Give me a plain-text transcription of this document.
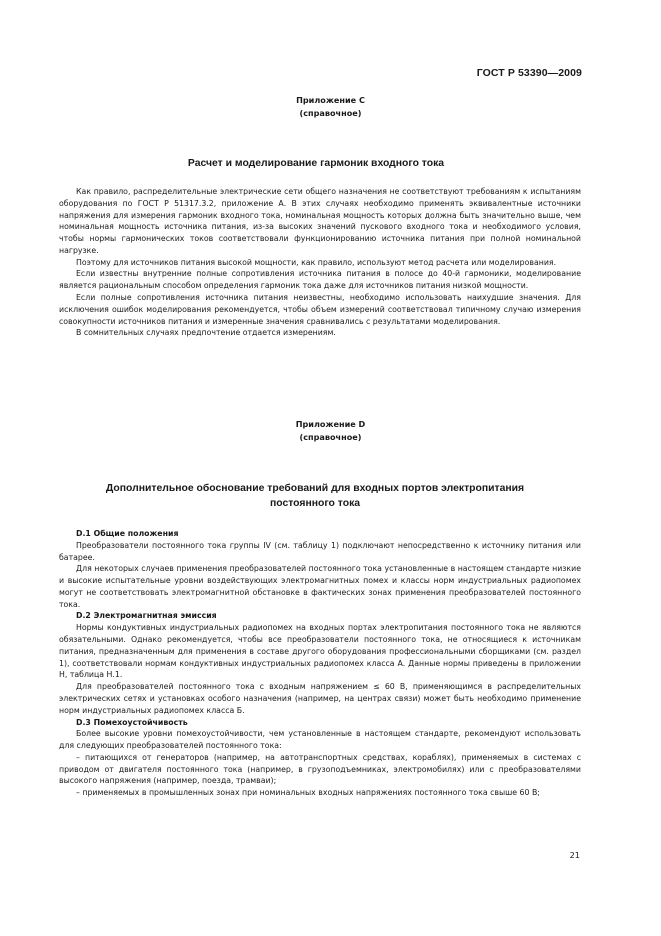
ГОСТ Р 53390—2009
Приложение С
(справочное)
Расчет и моделирование гармоник входного тока

Как правило, распределительные электрические сети общего назначения не соответствуют требованиям к испытаниям оборудования по ГОСТ Р 51317.3.2, приложение А. В этих случаях необходимо применять эквивалентные источники напряжения для измерения гармоник входного тока, номинальная мощность которых должна быть значительно выше, чем номинальная мощность источника питания, из-за высоких значений пускового входного тока и необходимого условия, чтобы нормы гармонических токов соответствовали функционированию источника питания при полной номинальной нагрузке.

Поэтому для источников питания высокой мощности, как правило, используют метод расчета или моделирования.

Если известны внутренние полные сопротивления источника питания в полосе до 40-й гармоники, моделирование является рациональным способом определения гармоник тока даже для источников питания низкой мощности.

Если полные сопротивления источника питания неизвестны, необходимо использовать наихудшие значения. Для исключения ошибок моделирования рекомендуется, чтобы объем измерений соответствовал типичному случаю измерения совокупности источников питания и измеренные значения сравнивались с результатами моделирования.

В сомнительных случаях предпочтение отдается измерениям.

Приложение D
(справочное)
Дополнительное обоснование требований для входных портов электропитания постоянного тока

D.1 Общие положения

Преобразователи постоянного тока группы IV (см. таблицу 1) подключают непосредственно к источнику питания или батарее.

Для некоторых случаев применения преобразователей постоянного тока установленные в настоящем стандарте низкие и высокие испытательные уровни воздействующих электромагнитных помех и классы норм индустриальных радиопомех могут не соответствовать электромагнитной обстановке в фактических зонах применения преобразователей постоянного тока.

D.2 Электромагнитная эмиссия

Нормы кондуктивных индустриальных радиопомех на входных портах электропитания постоянного тока не являются обязательными. Однако рекомендуется, чтобы все преобразователи постоянного тока, не относящиеся к источникам питания, предназначенным для применения в составе другого оборудования профессиональными сборщиками (см. раздел 1), соответствовали нормам кондуктивных индустриальных радиопомех класса А. Данные нормы приведены в приложении Н, таблица Н.1.

Для преобразователей постоянного тока с входным напряжением ≤ 60 В, применяющимся в распределительных электрических сетях и установках особого назначения (например, на центрах связи) может быть необходимо применение норм индустриальных радиопомех класса Б.

D.3 Помехоустойчивость

Более высокие уровни помехоустойчивости, чем установленные в настоящем стандарте, рекомендуют использовать для следующих преобразователей постоянного тока:

– питающихся от генераторов (например, на автотранспортных средствах, кораблях), применяемых в системах с приводом от двигателя постоянного тока (например, в грузоподъемниках, электромобилях) или с преобразователями высокого напряжения (например, поезда, трамваи);

– применяемых в промышленных зонах при номинальных входных напряжениях постоянного тока свыше 60 В;

21
